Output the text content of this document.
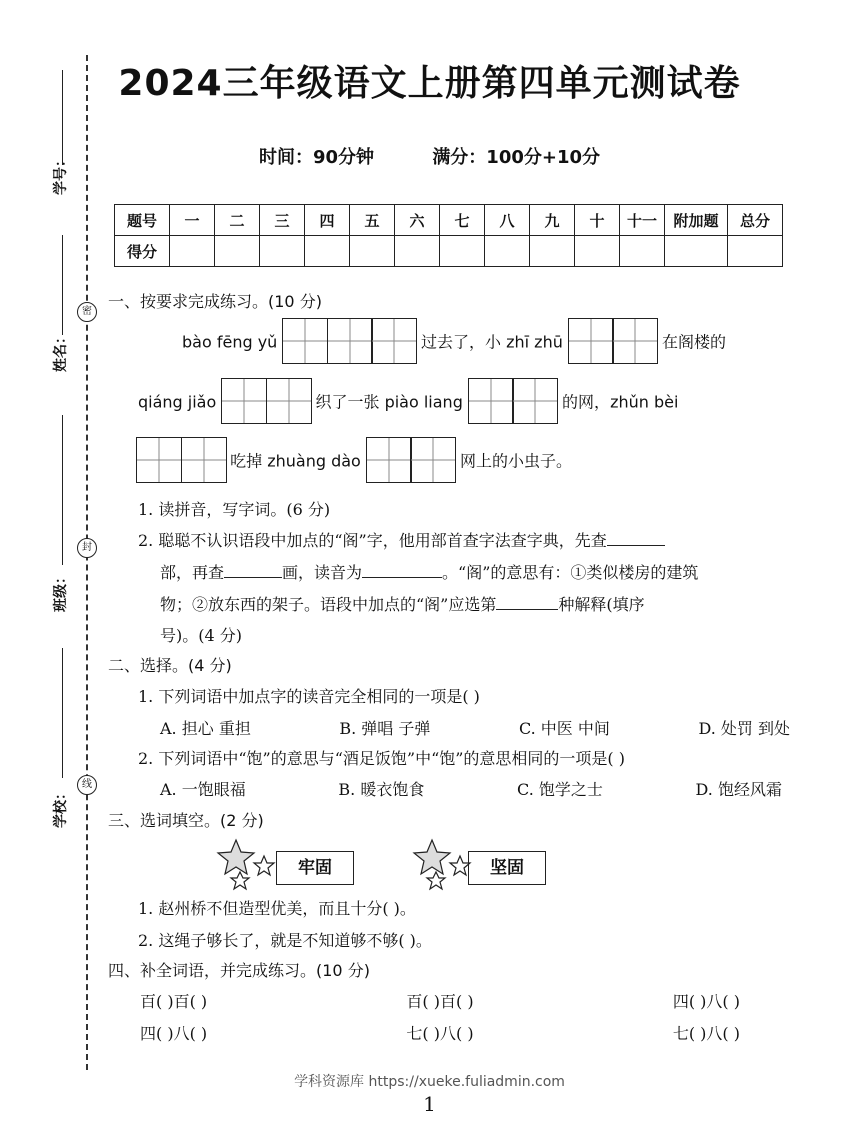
学号：
姓名：
班级：
学校：
密
封
线
2024三年级语文上册第四单元测试卷
时间：90分钟	满分：100分+10分
题号	一	二	三	四	五	六	七	八	九	十	十一	附加题	总分
得分													
一、按要求完成练习。(10 分)
bào fēng yǔ	过去了，小 zhī zhū	在阁楼的
qiáng jiǎo	织了一张 piào liang	的网，zhǔn bèi
吃掉 zhuàng dào	网上的小虫子。
1. 读拼音，写字词。(6 分)
2. 聪聪不认识语段中加点的“阁”字，他用部首查字法查字典，先查
部，再查	画，读音为	。“阁”的意思有：①类似楼房的建筑
物；②放东西的架子。语段中加点的“阁”应选第	种解释(填序
号)。(4 分)
二、选择。(4 分)
1. 下列词语中加点字的读音完全相同的一项是( )
A. 担心 重担	B. 弹唱 子弹	C. 中医 中间	D. 处罚 到处
2. 下列词语中“饱”的意思与“酒足饭饱”中“饱”的意思相同的一项是( )
A. 一饱眼福	B. 暖衣饱食	C. 饱学之士	D. 饱经风霜
三、选词填空。(2 分)
牢固	坚固
1. 赵州桥不但造型优美，而且十分( )。
2. 这绳子够长了，就是不知道够不够( )。
四、补全词语，并完成练习。(10 分)
百( )百( )	百( )百( )	四( )八( )
四( )八( )	七( )八( )	七( )八( )
学科资源库 https://xueke.fuliadmin.com
1
